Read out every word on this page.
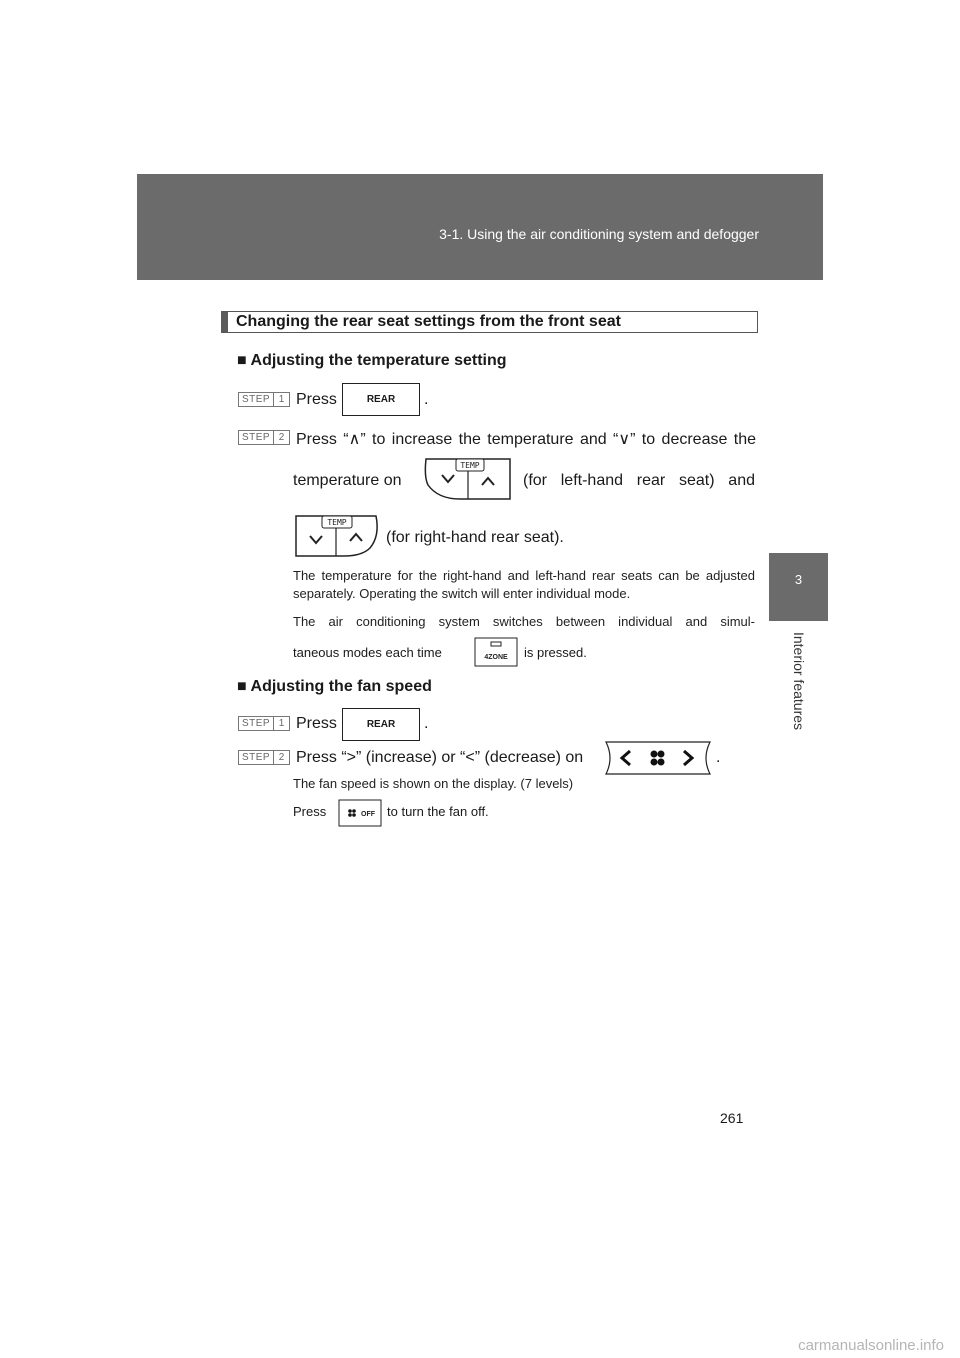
3-1. Using the air conditioning system and defogger
3
Interior features
Changing the rear seat settings from the front seat
■ Adjusting the temperature setting
STEP 1 Press	REAR .
STEP 2 Press “∧” to increase the temperature and “∨” to decrease the
temperature on
TEMP
(for left-hand rear seat) and
TEMP
(for right-hand rear seat).
The temperature for the right-hand and left-hand rear seats can be adjusted separately. Operating the switch will enter individual mode.
The air conditioning system switches between individual and simul-
taneous modes each time	4ZONE is pressed.
■ Adjusting the fan speed
STEP 1 Press	REAR .
STEP 2 Press “>” (increase) or “<” (decrease) on	.
The fan speed is shown on the display. (7 levels)
Press	OFF to turn the fan off.
261
carmanualsonline.info
